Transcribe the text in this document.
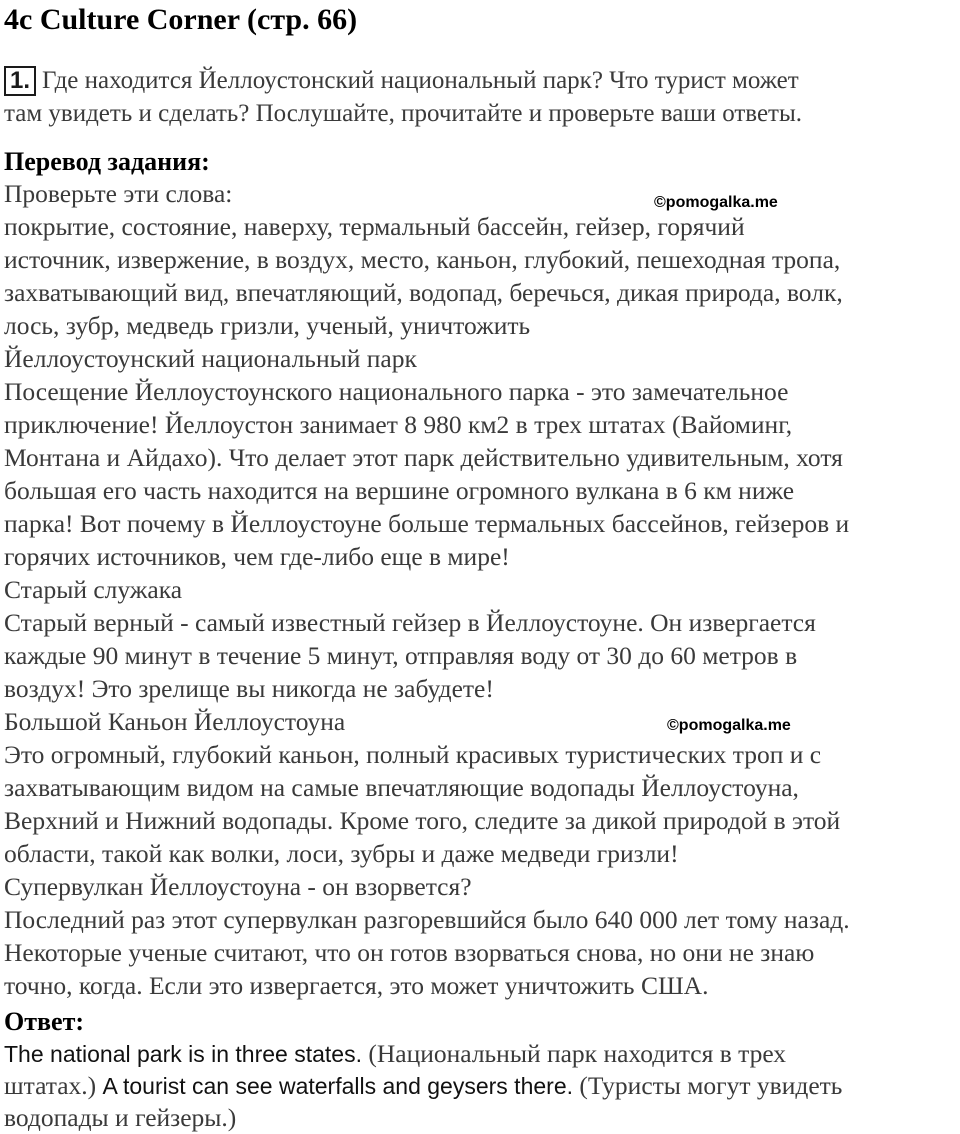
4c Culture Corner (стр. 66)
1. Где находится Йеллоустонский национальный парк? Что турист может
там увидеть и сделать? Послушайте, прочитайте и проверьте ваши ответы.
Перевод задания:
©pomogalka.me
©pomogalka.me
Проверьте эти слова:
покрытие, состояние, наверху, термальный бассейн, гейзер, горячий
источник, извержение, в воздух, место, каньон, глубокий, пешеходная тропа,
захватывающий вид, впечатляющий, водопад, беречься, дикая природа, волк,
лось, зубр, медведь гризли, ученый, уничтожить
Йеллоустоунский национальный парк
Посещение Йеллоустоунского национального парка - это замечательное
приключение! Йеллоустон занимает 8 980 км2 в трех штатах (Вайоминг,
Монтана и Айдахо). Что делает этот парк действительно удивительным, хотя
большая его часть находится на вершине огромного вулкана в 6 км ниже
парка! Вот почему в Йеллоустоуне больше термальных бассейнов, гейзеров и
горячих источников, чем где-либо еще в мире!
Старый служака
Старый верный - самый известный гейзер в Йеллоустоуне. Он извергается
каждые 90 минут в течение 5 минут, отправляя воду от 30 до 60 метров в
воздух! Это зрелище вы никогда не забудете!
Большой Каньон Йеллоустоуна
Это огромный, глубокий каньон, полный красивых туристических троп и с
захватывающим видом на самые впечатляющие водопады Йеллоустоуна,
Верхний и Нижний водопады. Кроме того, следите за дикой природой в этой
области, такой как волки, лоси, зубры и даже медведи гризли!
Супервулкан Йеллоустоуна - он взорвется?
Последний раз этот супервулкан разгоревшийся было 640 000 лет тому назад.
Некоторые ученые считают, что он готов взорваться снова, но они не знаю
точно, когда. Если это извергается, это может уничтожить США.
Ответ:
The national park is in three states. (Национальный парк находится в трех
штатах.) A tourist can see waterfalls and geysers there. (Туристы могут увидеть
водопады и гейзеры.)
